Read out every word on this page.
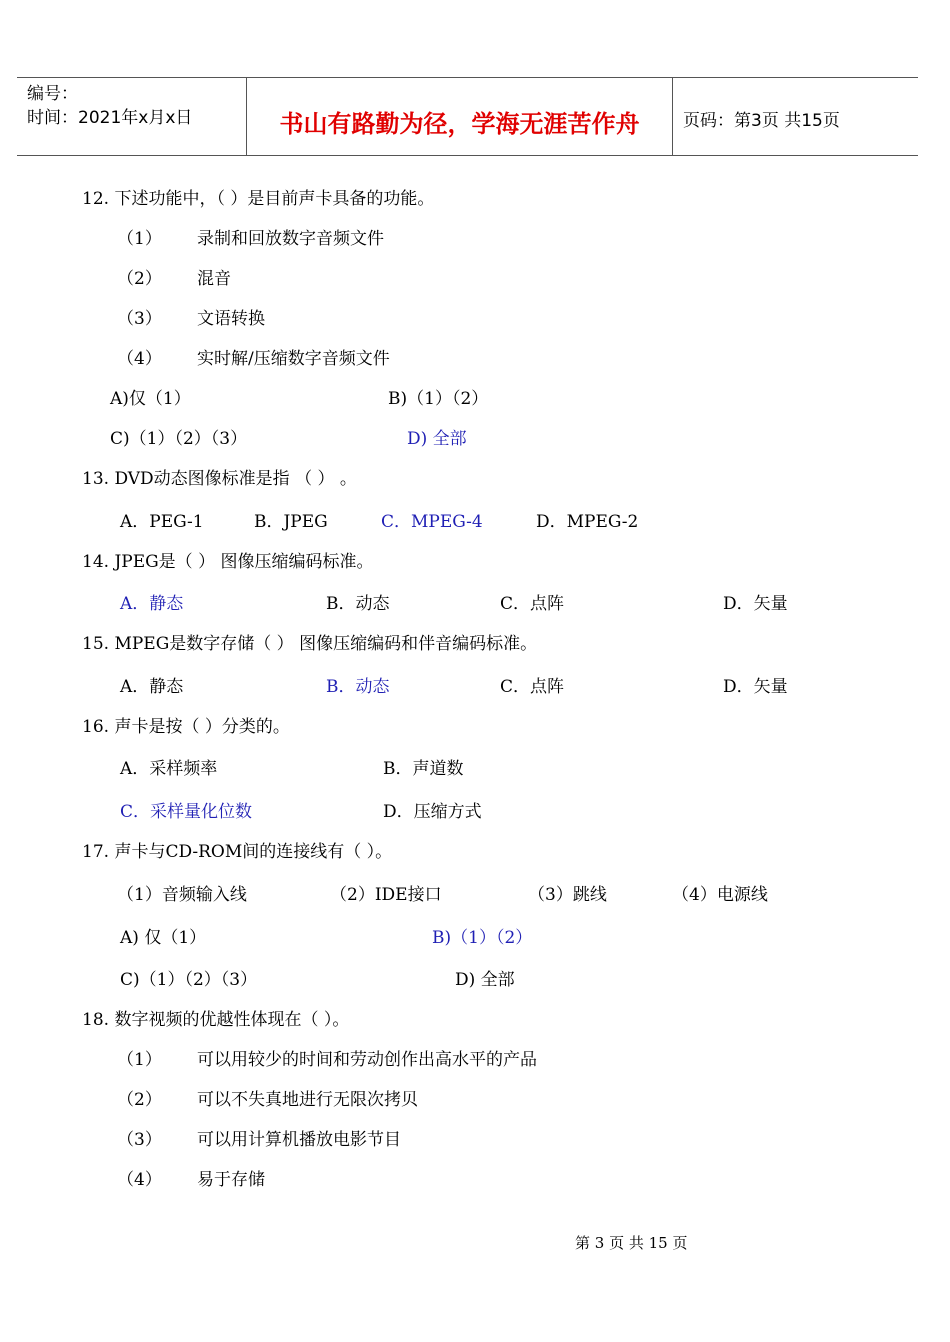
编号：
时间：2021年x月x日	书山有路勤为径，学海无涯苦作舟	页码：第3页 共15页
12. 下述功能中，（ ）是目前声卡具备的功能。
（1） 录制和回放数字音频文件
（2） 混音
（3） 文语转换
（4） 实时解/压缩数字音频文件
A)仅（1）	B)（1）（2）
C)（1）（2）（3）	D) 全部
13. DVD动态图像标准是指 （ ） 。
A．PEG-1	B．JPEG	C．MPEG-4	D．MPEG-2
14. JPEG是（ ） 图像压缩编码标准。
A．静态	B．动态	C．点阵	D．矢量
15. MPEG是数字存储（ ） 图像压缩编码和伴音编码标准。
A．静态	B．动态	C．点阵	D．矢量
16. 声卡是按（ ）分类的。
A．采样频率	B．声道数
C．采样量化位数	D．压缩方式
17. 声卡与CD-ROM间的连接线有（ ）。
（1）音频输入线	（2）IDE接口	（3）跳线	（4）电源线
A) 仅（1）	B)（1）（2）
C)（1）（2）（3）	D) 全部
18. 数字视频的优越性体现在（ ）。
（1） 可以用较少的时间和劳动创作出高水平的产品
（2） 可以不失真地进行无限次拷贝
（3） 可以用计算机播放电影节目
（4） 易于存储
第 3 页 共 15 页
